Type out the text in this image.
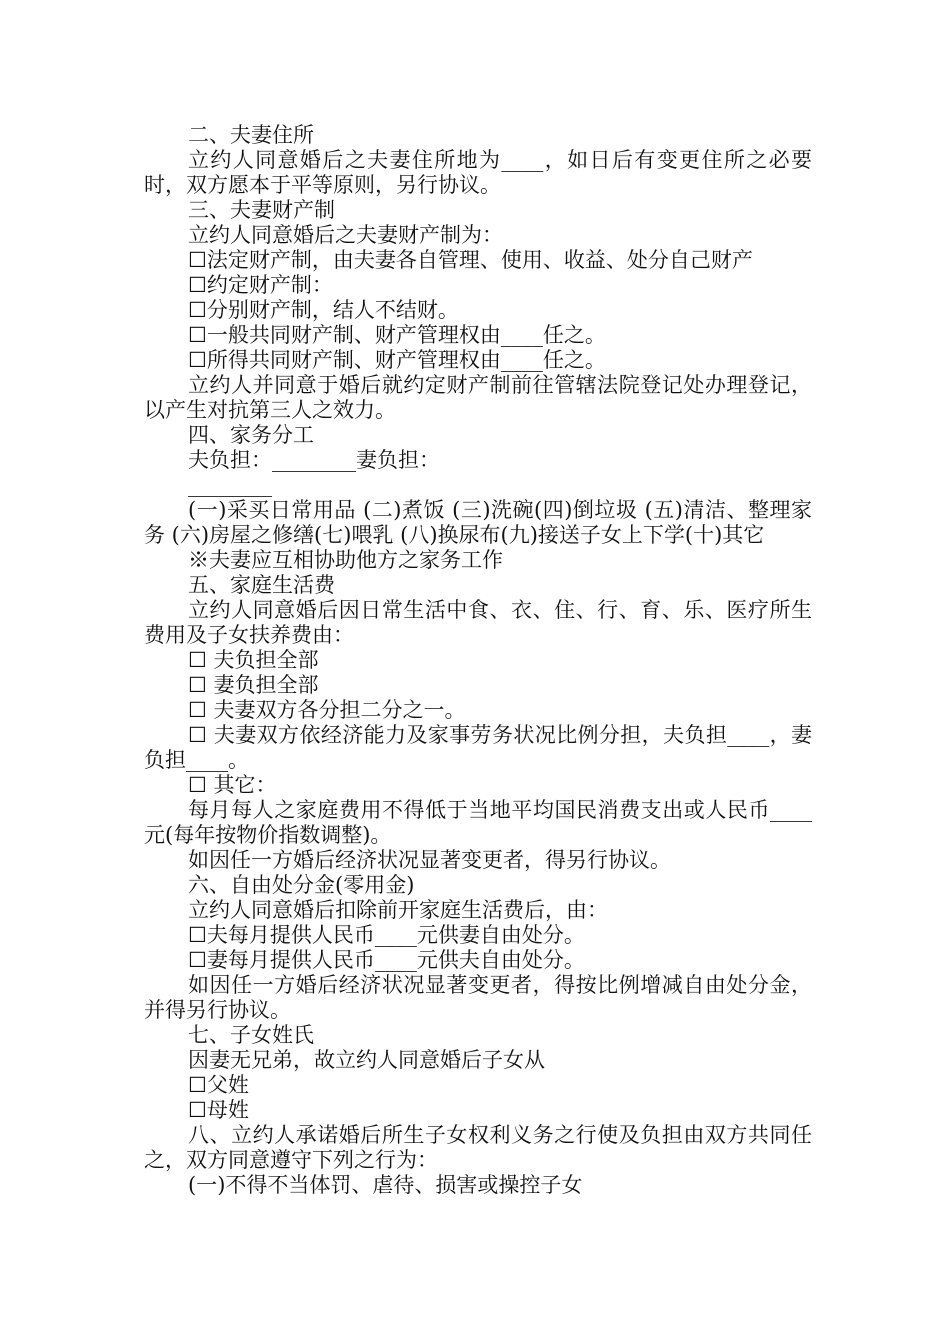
二、夫妻住所

立约人同意婚后之夫妻住所地为____，如日后有变更住所之必要时，双方愿本于平等原则，另行协议。

三、夫妻财产制

立约人同意婚后之夫妻财产制为：

☐法定财产制，由夫妻各自管理、使用、收益、处分自己财产

☐约定财产制：

☐分别财产制，结人不结财。

☐一般共同财产制、财产管理权由____任之。

☐所得共同财产制、财产管理权由____任之。

立约人并同意于婚后就约定财产制前往管辖法院登记处办理登记，以产生对抗第三人之效力。

四、家务分工

夫负担：________妻负担：

________

(一)采买日常用品 (二)煮饭 (三)洗碗(四)倒垃圾 (五)清洁、整理家务 (六)房屋之修缮(七)喂乳 (八)换尿布(九)接送子女上下学(十)其它

※夫妻应互相协助他方之家务工作

五、家庭生活费

立约人同意婚后因日常生活中食、衣、住、行、育、乐、医疗所生费用及子女扶养费由：

☐ 夫负担全部

☐ 妻负担全部

☐ 夫妻双方各分担二分之一。

☐ 夫妻双方依经济能力及家事劳务状况比例分担，夫负担____，妻负担____。

☐ 其它：

每月每人之家庭费用不得低于当地平均国民消费支出或人民币____元(每年按物价指数调整)。

如因任一方婚后经济状况显著变更者，得另行协议。

六、自由处分金(零用金)

立约人同意婚后扣除前开家庭生活费后，由：

☐夫每月提供人民币____元供妻自由处分。

☐妻每月提供人民币____元供夫自由处分。

如因任一方婚后经济状况显著变更者，得按比例增减自由处分金，并得另行协议。

七、子女姓氏

因妻无兄弟，故立约人同意婚后子女从

☐父姓

☐母姓

八、立约人承诺婚后所生子女权利义务之行使及负担由双方共同任之，双方同意遵守下列之行为：

(一)不得不当体罚、虐待、损害或操控子女
